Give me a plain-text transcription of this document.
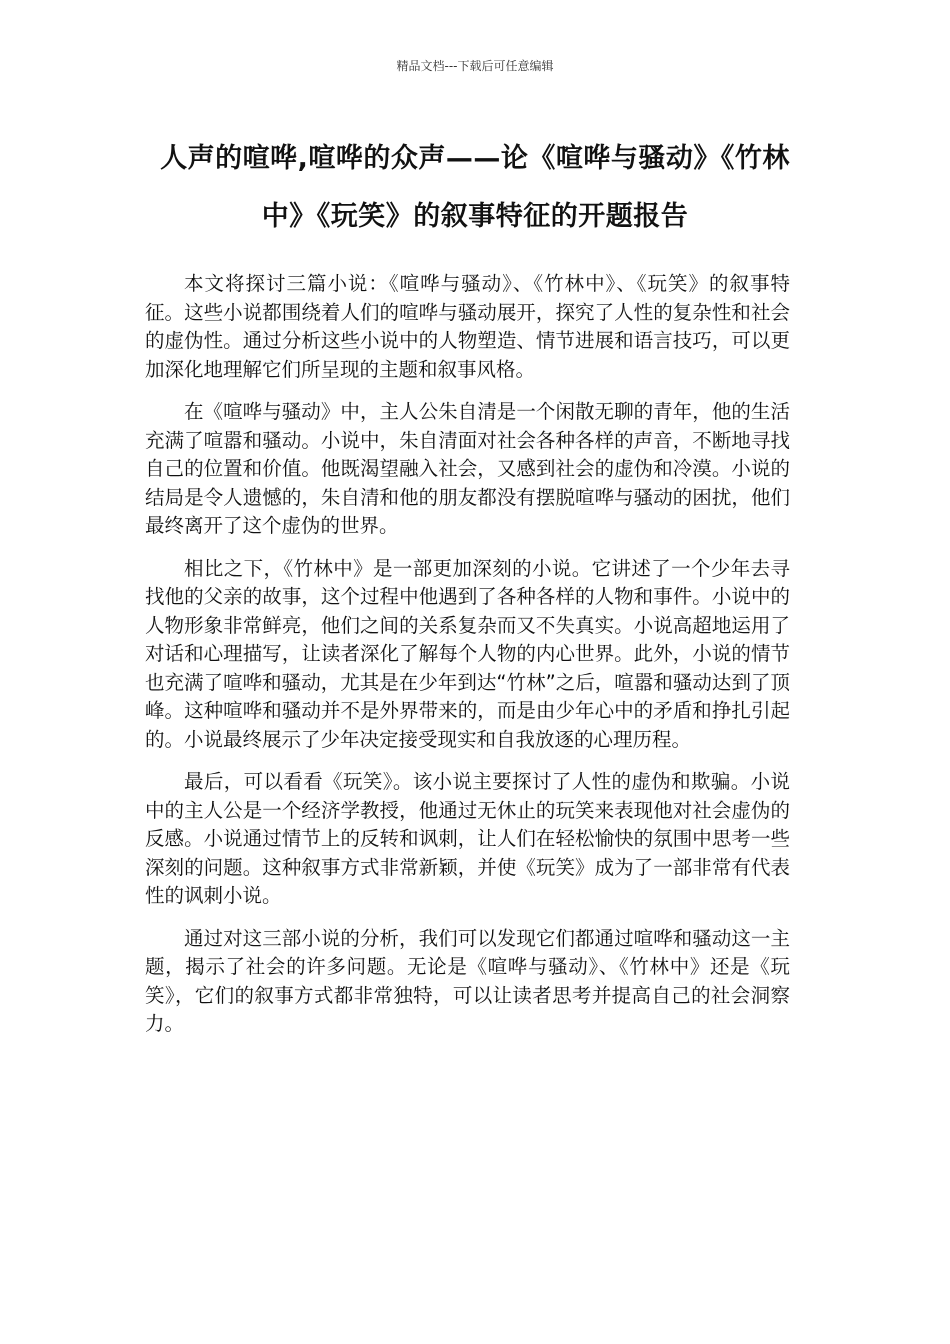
精品文档---下载后可任意编辑
人声的喧哗,喧哗的众声——论《喧哗与骚动》《竹林中》《玩笑》的叙事特征的开题报告

本文将探讨三篇小说：《喧哗与骚动》、《竹林中》、《玩笑》的叙事特征。这些小说都围绕着人们的喧哗与骚动展开，探究了人性的复杂性和社会的虚伪性。通过分析这些小说中的人物塑造、情节进展和语言技巧，可以更加深化地理解它们所呈现的主题和叙事风格。

在《喧哗与骚动》中，主人公朱自清是一个闲散无聊的青年，他的生活充满了喧嚣和骚动。小说中，朱自清面对社会各种各样的声音，不断地寻找自己的位置和价值。他既渴望融入社会，又感到社会的虚伪和冷漠。小说的结局是令人遗憾的，朱自清和他的朋友都没有摆脱喧哗与骚动的困扰，他们最终离开了这个虚伪的世界。

相比之下，《竹林中》是一部更加深刻的小说。它讲述了一个少年去寻找他的父亲的故事，这个过程中他遇到了各种各样的人物和事件。小说中的人物形象非常鲜亮，他们之间的关系复杂而又不失真实。小说高超地运用了对话和心理描写，让读者深化了解每个人物的内心世界。此外，小说的情节也充满了喧哗和骚动，尤其是在少年到达“竹林”之后，喧嚣和骚动达到了顶峰。这种喧哗和骚动并不是外界带来的，而是由少年心中的矛盾和挣扎引起的。小说最终展示了少年决定接受现实和自我放逐的心理历程。

最后，可以看看《玩笑》。该小说主要探讨了人性的虚伪和欺骗。小说中的主人公是一个经济学教授，他通过无休止的玩笑来表现他对社会虚伪的反感。小说通过情节上的反转和讽刺，让人们在轻松愉快的氛围中思考一些深刻的问题。这种叙事方式非常新颖，并使《玩笑》成为了一部非常有代表性的讽刺小说。

通过对这三部小说的分析，我们可以发现它们都通过喧哗和骚动这一主题，揭示了社会的许多问题。无论是《喧哗与骚动》、《竹林中》还是《玩笑》，它们的叙事方式都非常独特，可以让读者思考并提高自己的社会洞察力。
